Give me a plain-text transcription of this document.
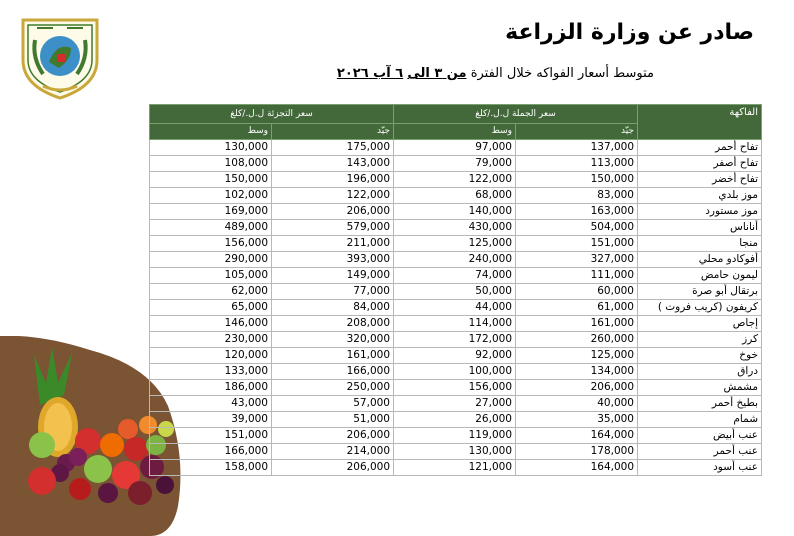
صادر عن وزارة الزراعة
متوسط أسعار الفواكه خلال الفترة من ٣ الى ٦ آب ٢٠٢٦
سعر التجزئة ل.ل./كلغ		سعر الجملة ل.ل./كلغ		الفاكهة
وسط	جيّد	وسط	جيّد	
130,000	175,000	97,000	137,000	تفاح أحمر
108,000	143,000	79,000	113,000	تفاح أصفر
150,000	196,000	122,000	150,000	تفاح أخضر
102,000	122,000	68,000	83,000	موز بلدي
169,000	206,000	140,000	163,000	موز مستورد
489,000	579,000	430,000	504,000	أناناس
156,000	211,000	125,000	151,000	منجا
290,000	393,000	240,000	327,000	أفوكادو محلي
105,000	149,000	74,000	111,000	ليمون حامض
62,000	77,000	50,000	60,000	برتقال أبو صرة
65,000	84,000	44,000	61,000	كريفون (كريب فروت )
146,000	208,000	114,000	161,000	إجاص
230,000	320,000	172,000	260,000	كرز
120,000	161,000	92,000	125,000	خوخ
133,000	166,000	100,000	134,000	دراق
186,000	250,000	156,000	206,000	مشمش
43,000	57,000	27,000	40,000	بطيخ أحمر
39,000	51,000	26,000	35,000	شمام
151,000	206,000	119,000	164,000	عنب أبيض
166,000	214,000	130,000	178,000	عنب أحمر
158,000	206,000	121,000	164,000	عنب أسود
